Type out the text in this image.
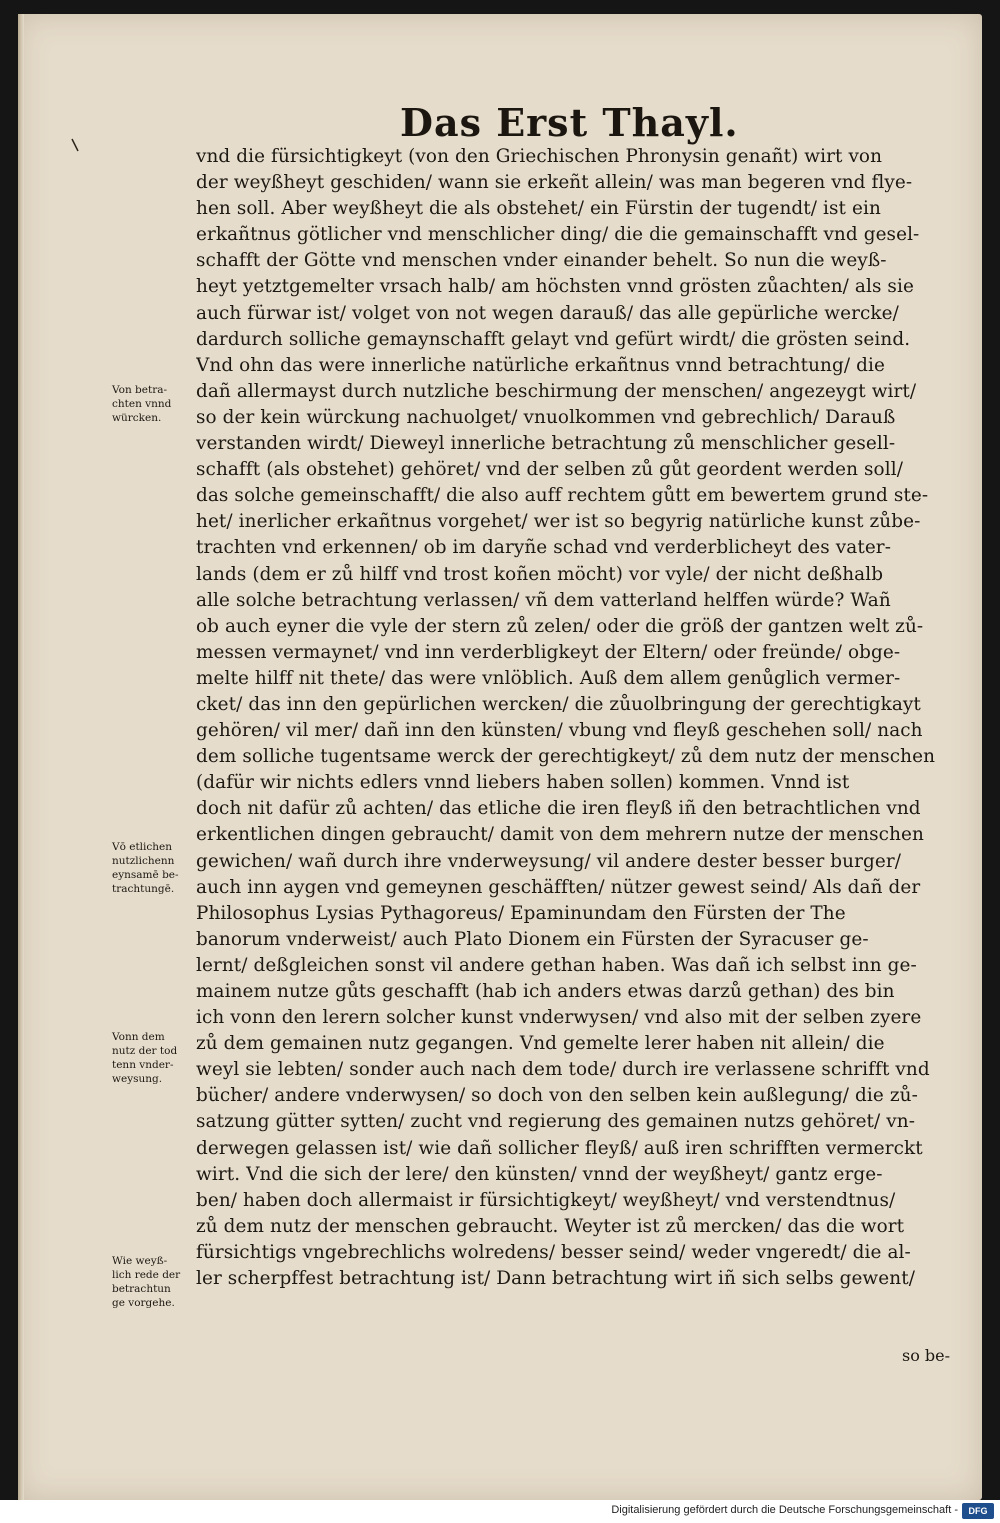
Das Erst Thayl.
vnd die fürsichtigkeyt (von den Griechischen Phronysin genañt) wirt von
der weyßheyt geschiden/ wann sie erkeñt allein/ was man begeren vnd flye-
hen soll. Aber weyßheyt die als obstehet/ ein Fürstin der tugendt/ ist ein
erkañtnus götlicher vnd menschlicher ding/ die die gemainschafft vnd gesel-
schafft der Götte vnd menschen vnder einander behelt. So nun die weyß-
heyt yetztgemelter vrsach halb/ am höchsten vnnd grösten zůachten/ als sie
auch fürwar ist/ volget von not wegen darauß/ das alle gepürliche wercke/
dardurch solliche gemaynschafft gelayt vnd gefürt wirdt/ die grösten seind.
Vnd ohn das were innerliche natürliche erkañtnus vnnd betrachtung/ die
dañ allermayst durch nutzliche beschirmung der menschen/ angezeygt wirt/
so der kein würckung nachuolget/ vnuolkommen vnd gebrechlich/ Darauß
verstanden wirdt/ Dieweyl innerliche betrachtung zů menschlicher gesell-
schafft (als obstehet) gehöret/ vnd der selben zů gůt geordent werden soll/
das solche gemeinschafft/ die also auff rechtem gůtt em bewertem grund ste-
het/ inerlicher erkañtnus vorgehet/ wer ist so begyrig natürliche kunst zůbe-
trachten vnd erkennen/ ob im daryñe schad vnd verderblicheyt des vater-
lands (dem er zů hilff vnd trost koñen möcht) vor vyle/ der nicht deßhalb
alle solche betrachtung verlassen/ vñ dem vatterland helffen würde? Wañ
ob auch eyner die vyle der stern zů zelen/ oder die größ der gantzen welt zů-
messen vermaynet/ vnd inn verderbligkeyt der Eltern/ oder freünde/ obge-
melte hilff nit thete/ das were vnlöblich. Auß dem allem genůglich vermer-
cket/ das inn den gepürlichen wercken/ die zůuolbringung der gerechtigkayt
gehören/ vil mer/ dañ inn den künsten/ vbung vnd fleyß geschehen soll/ nach
dem solliche tugentsame werck der gerechtigkeyt/ zů dem nutz der menschen
(dafür wir nichts edlers vnnd liebers haben sollen) kommen. Vnnd ist
doch nit dafür zů achten/ das etliche die iren fleyß iñ den betrachtlichen vnd
erkentlichen dingen gebraucht/ damit von dem mehrern nutze der menschen
gewichen/ wañ durch ihre vnderweysung/ vil andere dester besser burger/
auch inn aygen vnd gemeynen geschäfften/ nützer gewest seind/ Als dañ der
Philosophus Lysias Pythagoreus/ Epaminundam den Fürsten der The
banorum vnderweist/ auch Plato Dionem ein Fürsten der Syracuser ge-
lernt/ deßgleichen sonst vil andere gethan haben. Was dañ ich selbst inn ge-
mainem nutze gůts geschafft (hab ich anders etwas darzů gethan) des bin
ich vonn den lerern solcher kunst vnderwysen/ vnd also mit der selben zyere
zů dem gemainen nutz gegangen. Vnd gemelte lerer haben nit allein/ die
weyl sie lebten/ sonder auch nach dem tode/ durch ire verlassene schrifft vnd
bücher/ andere vnderwysen/ so doch von den selben kein außlegung/ die zů-
satzung gütter sytten/ zucht vnd regierung des gemainen nutzs gehöret/ vn-
derwegen gelassen ist/ wie dañ sollicher fleyß/ auß iren schrifften vermerckt
wirt. Vnd die sich der lere/ den künsten/ vnnd der weyßheyt/ gantz erge-
ben/ haben doch allermaist ir fürsichtigkeyt/ weyßheyt/ vnd verstendtnus/
zů dem nutz der menschen gebraucht. Weyter ist zů mercken/ das die wort
fürsichtigs vngebrechlichs wolredens/ besser seind/ weder vngeredt/ die al-
ler scherpffest betrachtung ist/ Dann betrachtung wirt iñ sich selbs gewent/
Von betra-
chten vnnd
würcken.
Vō etlichen
nutzlichenn
eynsamē be-
trachtungē.
Vonn dem
nutz der tod
tenn vnder-
weysung.
Wie weyß-
lich rede der
betrachtun
ge vorgehe.
so be-
Digitalisierung gefördert durch die Deutsche Forschungsgemeinschaft -	DFG
